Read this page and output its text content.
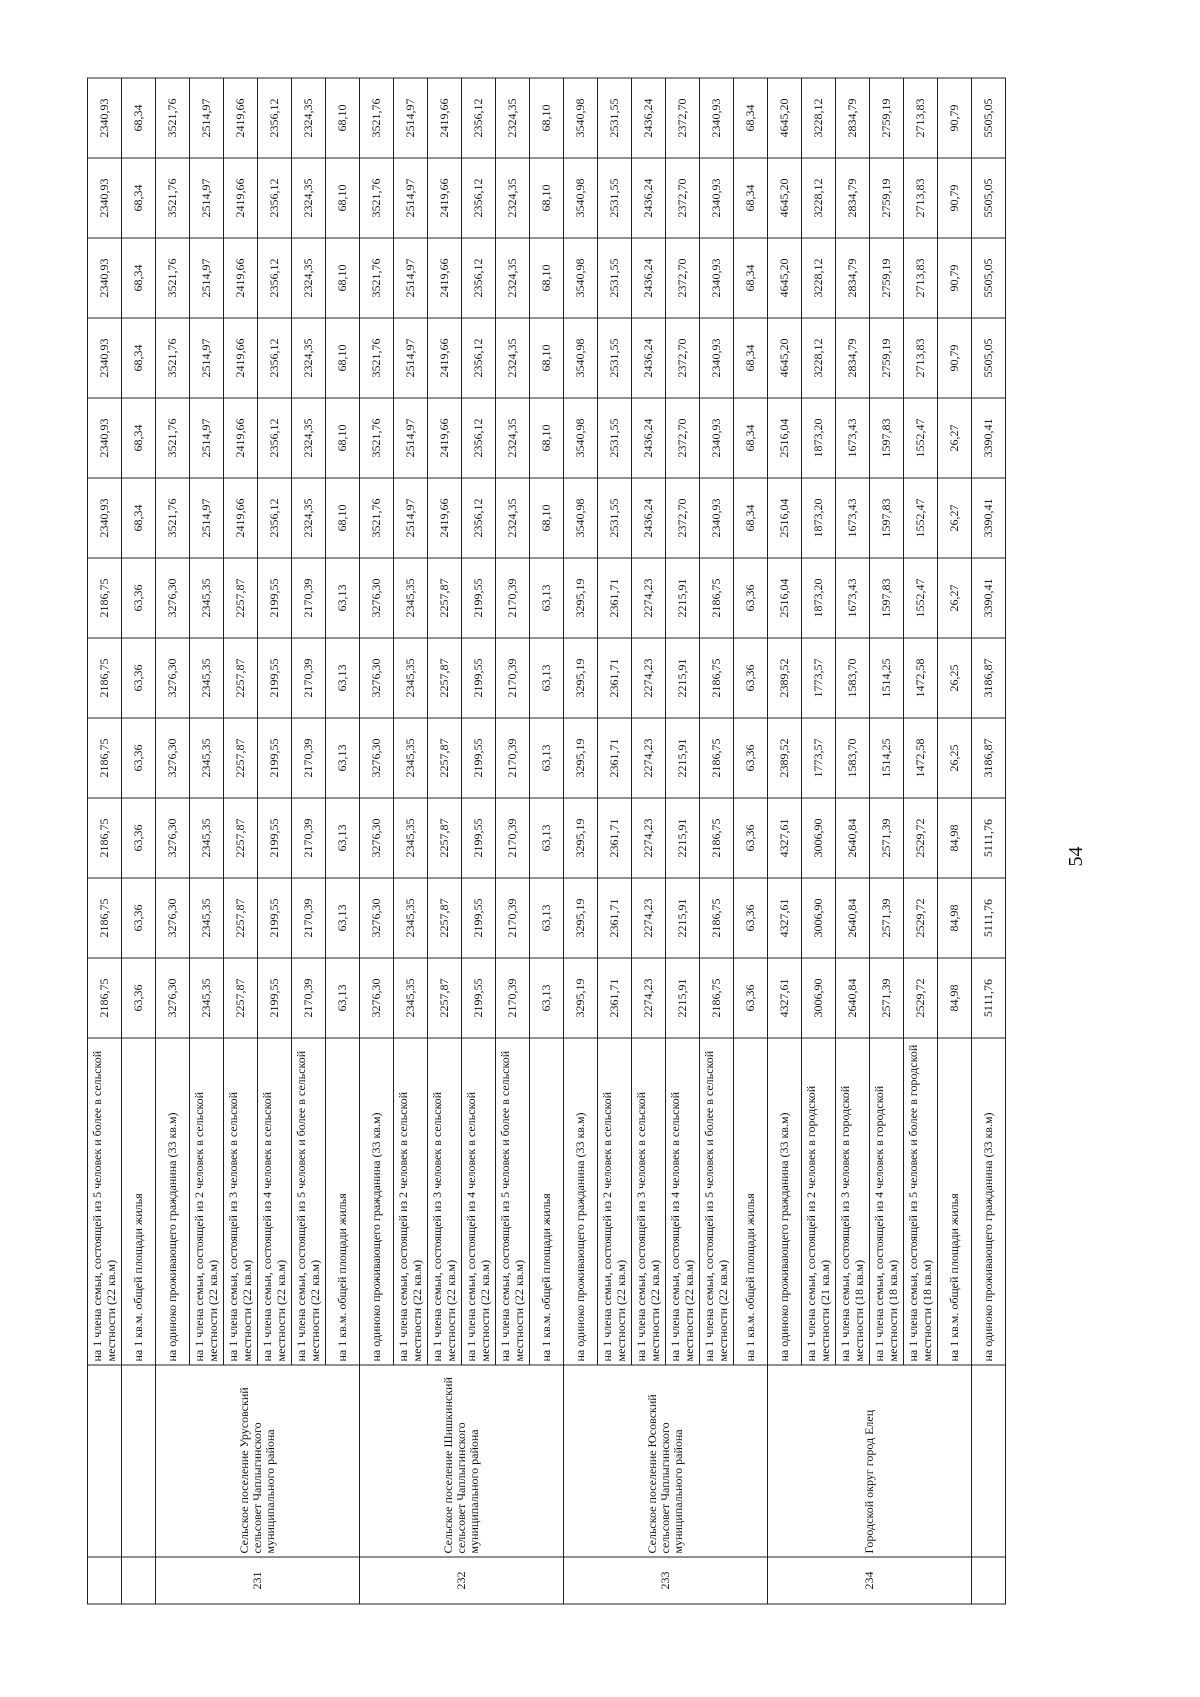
		на 1 члена семьи, состоящей из 5 человек и более в сельской местности (22 кв.м)	2186,75	2186,75	2186,75	2186,75	2186,75	2186,75	2340,93	2340,93	2340,93	2340,93	2340,93	2340,93
		на 1 кв.м. общей площади жилья	63,36	63,36	63,36	63,36	63,36	63,36	68,34	68,34	68,34	68,34	68,34	68,34
231	Сельское поселение Урусовский сельсовет Чаплыгинского муниципального района	на одиноко проживающего гражданина (33 кв.м)	3276,30	3276,30	3276,30	3276,30	3276,30	3276,30	3521,76	3521,76	3521,76	3521,76	3521,76	3521,76
		на 1 члена семьи, состоящей из 2 человек в сельской местности (22 кв.м)	2345,35	2345,35	2345,35	2345,35	2345,35	2345,35	2514,97	2514,97	2514,97	2514,97	2514,97	2514,97
		на 1 члена семьи, состоящей из 3 человек в сельской местности (22 кв.м)	2257,87	2257,87	2257,87	2257,87	2257,87	2257,87	2419,66	2419,66	2419,66	2419,66	2419,66	2419,66
		на 1 члена семьи, состоящей из 4 человек в сельской местности (22 кв.м)	2199,55	2199,55	2199,55	2199,55	2199,55	2199,55	2356,12	2356,12	2356,12	2356,12	2356,12	2356,12
		на 1 члена семьи, состоящей из 5 человек и более в сельской местности (22 кв.м)	2170,39	2170,39	2170,39	2170,39	2170,39	2170,39	2324,35	2324,35	2324,35	2324,35	2324,35	2324,35
		на 1 кв.м. общей площади жилья	63,13	63,13	63,13	63,13	63,13	63,13	68,10	68,10	68,10	68,10	68,10	68,10
232	Сельское поселение Шишкинский сельсовет Чаплыгинского муниципального района	на одиноко проживающего гражданина (33 кв.м)	3276,30	3276,30	3276,30	3276,30	3276,30	3276,30	3521,76	3521,76	3521,76	3521,76	3521,76	3521,76
		на 1 члена семьи, состоящей из 2 человек в сельской местности (22 кв.м)	2345,35	2345,35	2345,35	2345,35	2345,35	2345,35	2514,97	2514,97	2514,97	2514,97	2514,97	2514,97
		на 1 члена семьи, состоящей из 3 человек в сельской местности (22 кв.м)	2257,87	2257,87	2257,87	2257,87	2257,87	2257,87	2419,66	2419,66	2419,66	2419,66	2419,66	2419,66
		на 1 члена семьи, состоящей из 4 человек в сельской местности (22 кв.м)	2199,55	2199,55	2199,55	2199,55	2199,55	2199,55	2356,12	2356,12	2356,12	2356,12	2356,12	2356,12
		на 1 члена семьи, состоящей из 5 человек и более в сельской местности (22 кв.м)	2170,39	2170,39	2170,39	2170,39	2170,39	2170,39	2324,35	2324,35	2324,35	2324,35	2324,35	2324,35
		на 1 кв.м. общей площади жилья	63,13	63,13	63,13	63,13	63,13	63,13	68,10	68,10	68,10	68,10	68,10	68,10
233	Сельское поселение Юсовский сельсовет Чаплыгинского муниципального района	на одиноко проживающего гражданина (33 кв.м)	3295,19	3295,19	3295,19	3295,19	3295,19	3295,19	3540,98	3540,98	3540,98	3540,98	3540,98	3540,98
		на 1 члена семьи, состоящей из 2 человек в сельской местности (22 кв.м)	2361,71	2361,71	2361,71	2361,71	2361,71	2361,71	2531,55	2531,55	2531,55	2531,55	2531,55	2531,55
		на 1 члена семьи, состоящей из 3 человек в сельской местности (22 кв.м)	2274,23	2274,23	2274,23	2274,23	2274,23	2274,23	2436,24	2436,24	2436,24	2436,24	2436,24	2436,24
		на 1 члена семьи, состоящей из 4 человек в сельской местности (22 кв.м)	2215,91	2215,91	2215,91	2215,91	2215,91	2215,91	2372,70	2372,70	2372,70	2372,70	2372,70	2372,70
		на 1 члена семьи, состоящей из 5 человек и более в сельской местности (22 кв.м)	2186,75	2186,75	2186,75	2186,75	2186,75	2186,75	2340,93	2340,93	2340,93	2340,93	2340,93	2340,93
		на 1 кв.м. общей площади жилья	63,36	63,36	63,36	63,36	63,36	63,36	68,34	68,34	68,34	68,34	68,34	68,34
234	Городской округ город Елец	на одиноко проживающего гражданина (33 кв.м)	4327,61	4327,61	4327,61	2389,52	2389,52	2516,04	2516,04	2516,04	4645,20	4645,20	4645,20	4645,20
		на 1 члена семьи, состоящей из 2 человек в городской местности (21 кв.м)	3006,90	3006,90	3006,90	1773,57	1773,57	1873,20	1873,20	1873,20	3228,12	3228,12	3228,12	3228,12
		на 1 члена семьи, состоящей из 3 человек в городской местности (18 кв.м)	2640,84	2640,84	2640,84	1583,70	1583,70	1673,43	1673,43	1673,43	2834,79	2834,79	2834,79	2834,79
		на 1 члена семьи, состоящей из 4 человек в городской местности (18 кв.м)	2571,39	2571,39	2571,39	1514,25	1514,25	1597,83	1597,83	1597,83	2759,19	2759,19	2759,19	2759,19
		на 1 члена семьи, состоящей из 5 человек и более в городской местности (18 кв.м)	2529,72	2529,72	2529,72	1472,58	1472,58	1552,47	1552,47	1552,47	2713,83	2713,83	2713,83	2713,83
		на 1 кв.м. общей площади жилья	84,98	84,98	84,98	26,25	26,25	26,27	26,27	26,27	90,79	90,79	90,79	90,79
		на одиноко проживающего гражданина (33 кв.м)	5111,76	5111,76	5111,76	3186,87	3186,87	3390,41	3390,41	3390,41	5505,05	5505,05	5505,05	5505,05
54
